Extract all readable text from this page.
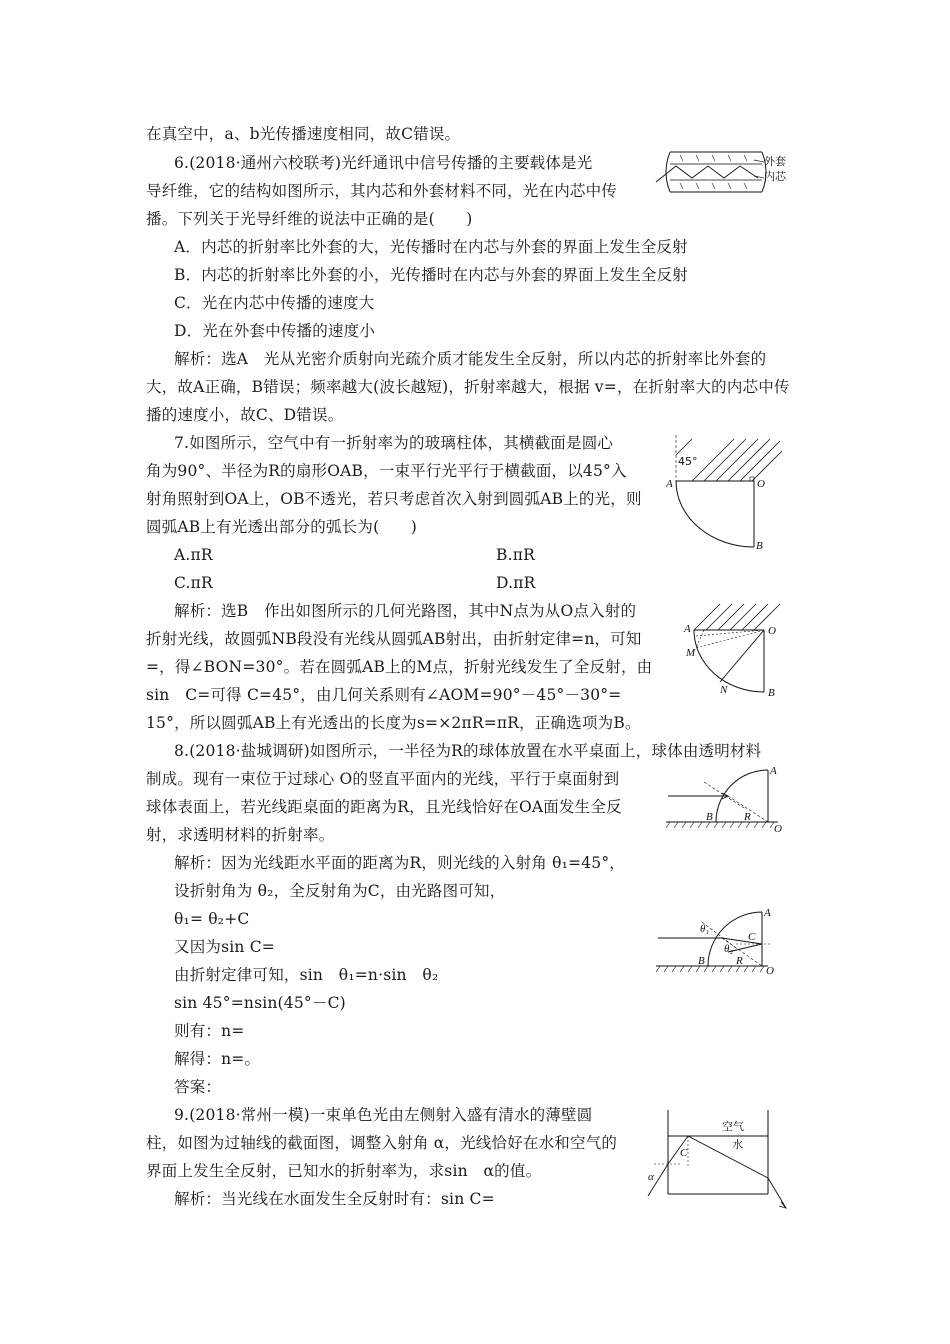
在真空中，a、b光传播速度相同，故C错误。
6.(2018·通州六校联考)光纤通讯中信号传播的主要载体是光
导纤维，它的结构如图所示，其内芯和外套材料不同，光在内芯中传
播。下列关于光导纤维的说法中正确的是(　　)
A．内芯的折射率比外套的大，光传播时在内芯与外套的界面上发生全反射
B．内芯的折射率比外套的小，光传播时在内芯与外套的界面上发生全反射
C．光在内芯中传播的速度大
D．光在外套中传播的速度小
解析：选A　光从光密介质射向光疏介质才能发生全反射，所以内芯的折射率比外套的
大，故A正确，B错误；频率越大(波长越短)，折射率越大，根据 v=，在折射率大的内芯中传
播的速度小，故C、D错误。
7.如图所示，空气中有一折射率为的玻璃柱体，其横截面是圆心
角为90°、半径为R的扇形OAB，一束平行光平行于横截面，以45°入
射角照射到OA上，OB不透光，若只考虑首次入射到圆弧AB上的光，则
圆弧AB上有光透出部分的弧长为(　　)
A.πR	B.πR
C.πR	D.πR
解析：选B　作出如图所示的几何光路图，其中N点为从O点入射的
折射光线，故圆弧NB段没有光线从圆弧AB射出，由折射定律=n，可知
=，得∠BON=30°。若在圆弧AB上的M点，折射光线发生了全反射，由
sin　C=可得 C=45°，由几何关系则有∠AOM=90°－45°－30°=
15°，所以圆弧AB上有光透出的长度为s=×2πR=πR，正确选项为B。
8.(2018·盐城调研)如图所示，一半径为R的球体放置在水平桌面上，球体由透明材料
制成。现有一束位于过球心 O的竖直平面内的光线，平行于桌面射到
球体表面上，若光线距桌面的距离为R，且光线恰好在OA面发生全反
射，求透明材料的折射率。
解析：因为光线距水平面的距离为R，则光线的入射角 θ₁=45°，
设折射角为 θ₂，全反射角为C，由光路图可知，
θ₁= θ₂+C
又因为sin C=
由折射定律可知，sin　θ₁=n·sin　θ₂
sin 45°=nsin(45°－C)
则有：n=
解得：n=。
答案：
9.(2018·常州一模)一束单色光由左侧射入盛有清水的薄壁圆
柱，如图为过轴线的截面图，调整入射角 α，光线恰好在水和空气的
界面上发生全反射，已知水的折射率为，求sin　α的值。
解析：当光线在水面发生全反射时有：sin C=
外套
内芯
45°
A	O
B
A
M
N
O
B
A
B	R
O
A
B	R
O
C
θ₁
θ₂
空气
水
C
α
